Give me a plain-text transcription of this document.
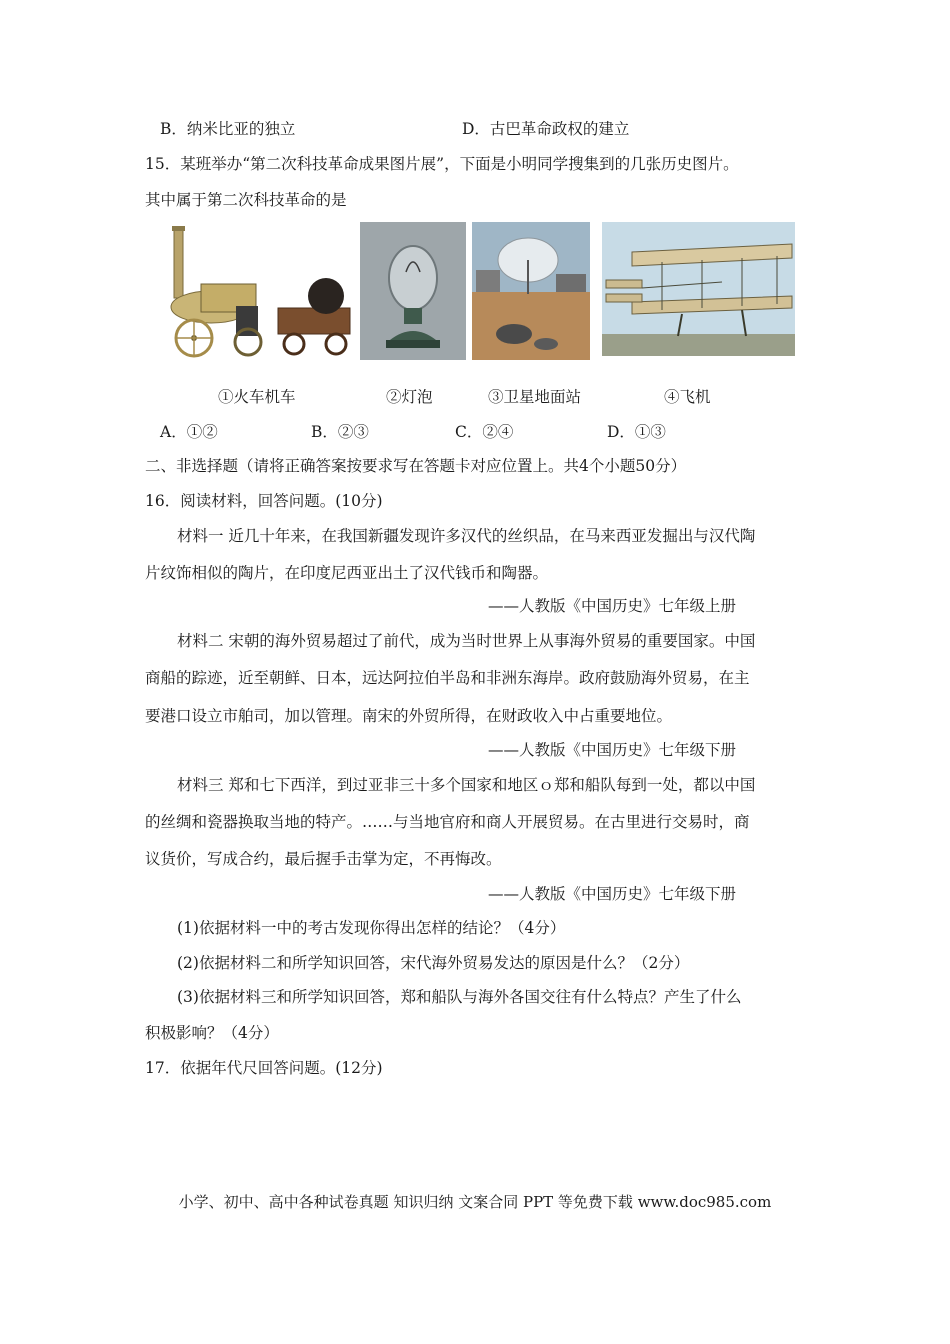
B．纳米比亚的独立	D．古巴革命政权的建立
15．某班举办“第二次科技革命成果图片展”，下面是小明同学搜集到的几张历史图片。
其中属于第二次科技革命的是
①火车机车	②灯泡	③卫星地面站	④飞机
A．①②	B．②③	C．②④	D．①③
二、非选择题（请将正确答案按要求写在答题卡对应位置上。共4个小题50分）
16．阅读材料，回答问题。(10分)
材料一 近几十年来，在我国新疆发现许多汉代的丝织品，在马来西亚发掘出与汉代陶
片纹饰相似的陶片，在印度尼西亚出土了汉代钱币和陶器。
——人教版《中国历史》七年级上册
材料二 宋朝的海外贸易超过了前代，成为当时世界上从事海外贸易的重要国家。中国
商船的踪迹，近至朝鲜、日本，远达阿拉伯半岛和非洲东海岸。政府鼓励海外贸易，在主
要港口设立市舶司，加以管理。南宋的外贸所得，在财政收入中占重要地位。
——人教版《中国历史》七年级下册
材料三 郑和七下西洋，到过亚非三十多个国家和地区ｏ郑和船队每到一处，都以中国
的丝绸和瓷器换取当地的特产。……与当地官府和商人开展贸易。在古里进行交易时，商
议货价，写成合约，最后握手击掌为定，不再悔改。
——人教版《中国历史》七年级下册
(1)依据材料一中的考古发现你得出怎样的结论？（4分）
(2)依据材料二和所学知识回答，宋代海外贸易发达的原因是什么？（2分）
(3)依据材料三和所学知识回答，郑和船队与海外各国交往有什么特点？产生了什么
积极影响？（4分）
17．依据年代尺回答问题。(12分)
小学、初中、高中各种试卷真题 知识归纳 文案合同 PPT 等免费下载 www.doc985.com
